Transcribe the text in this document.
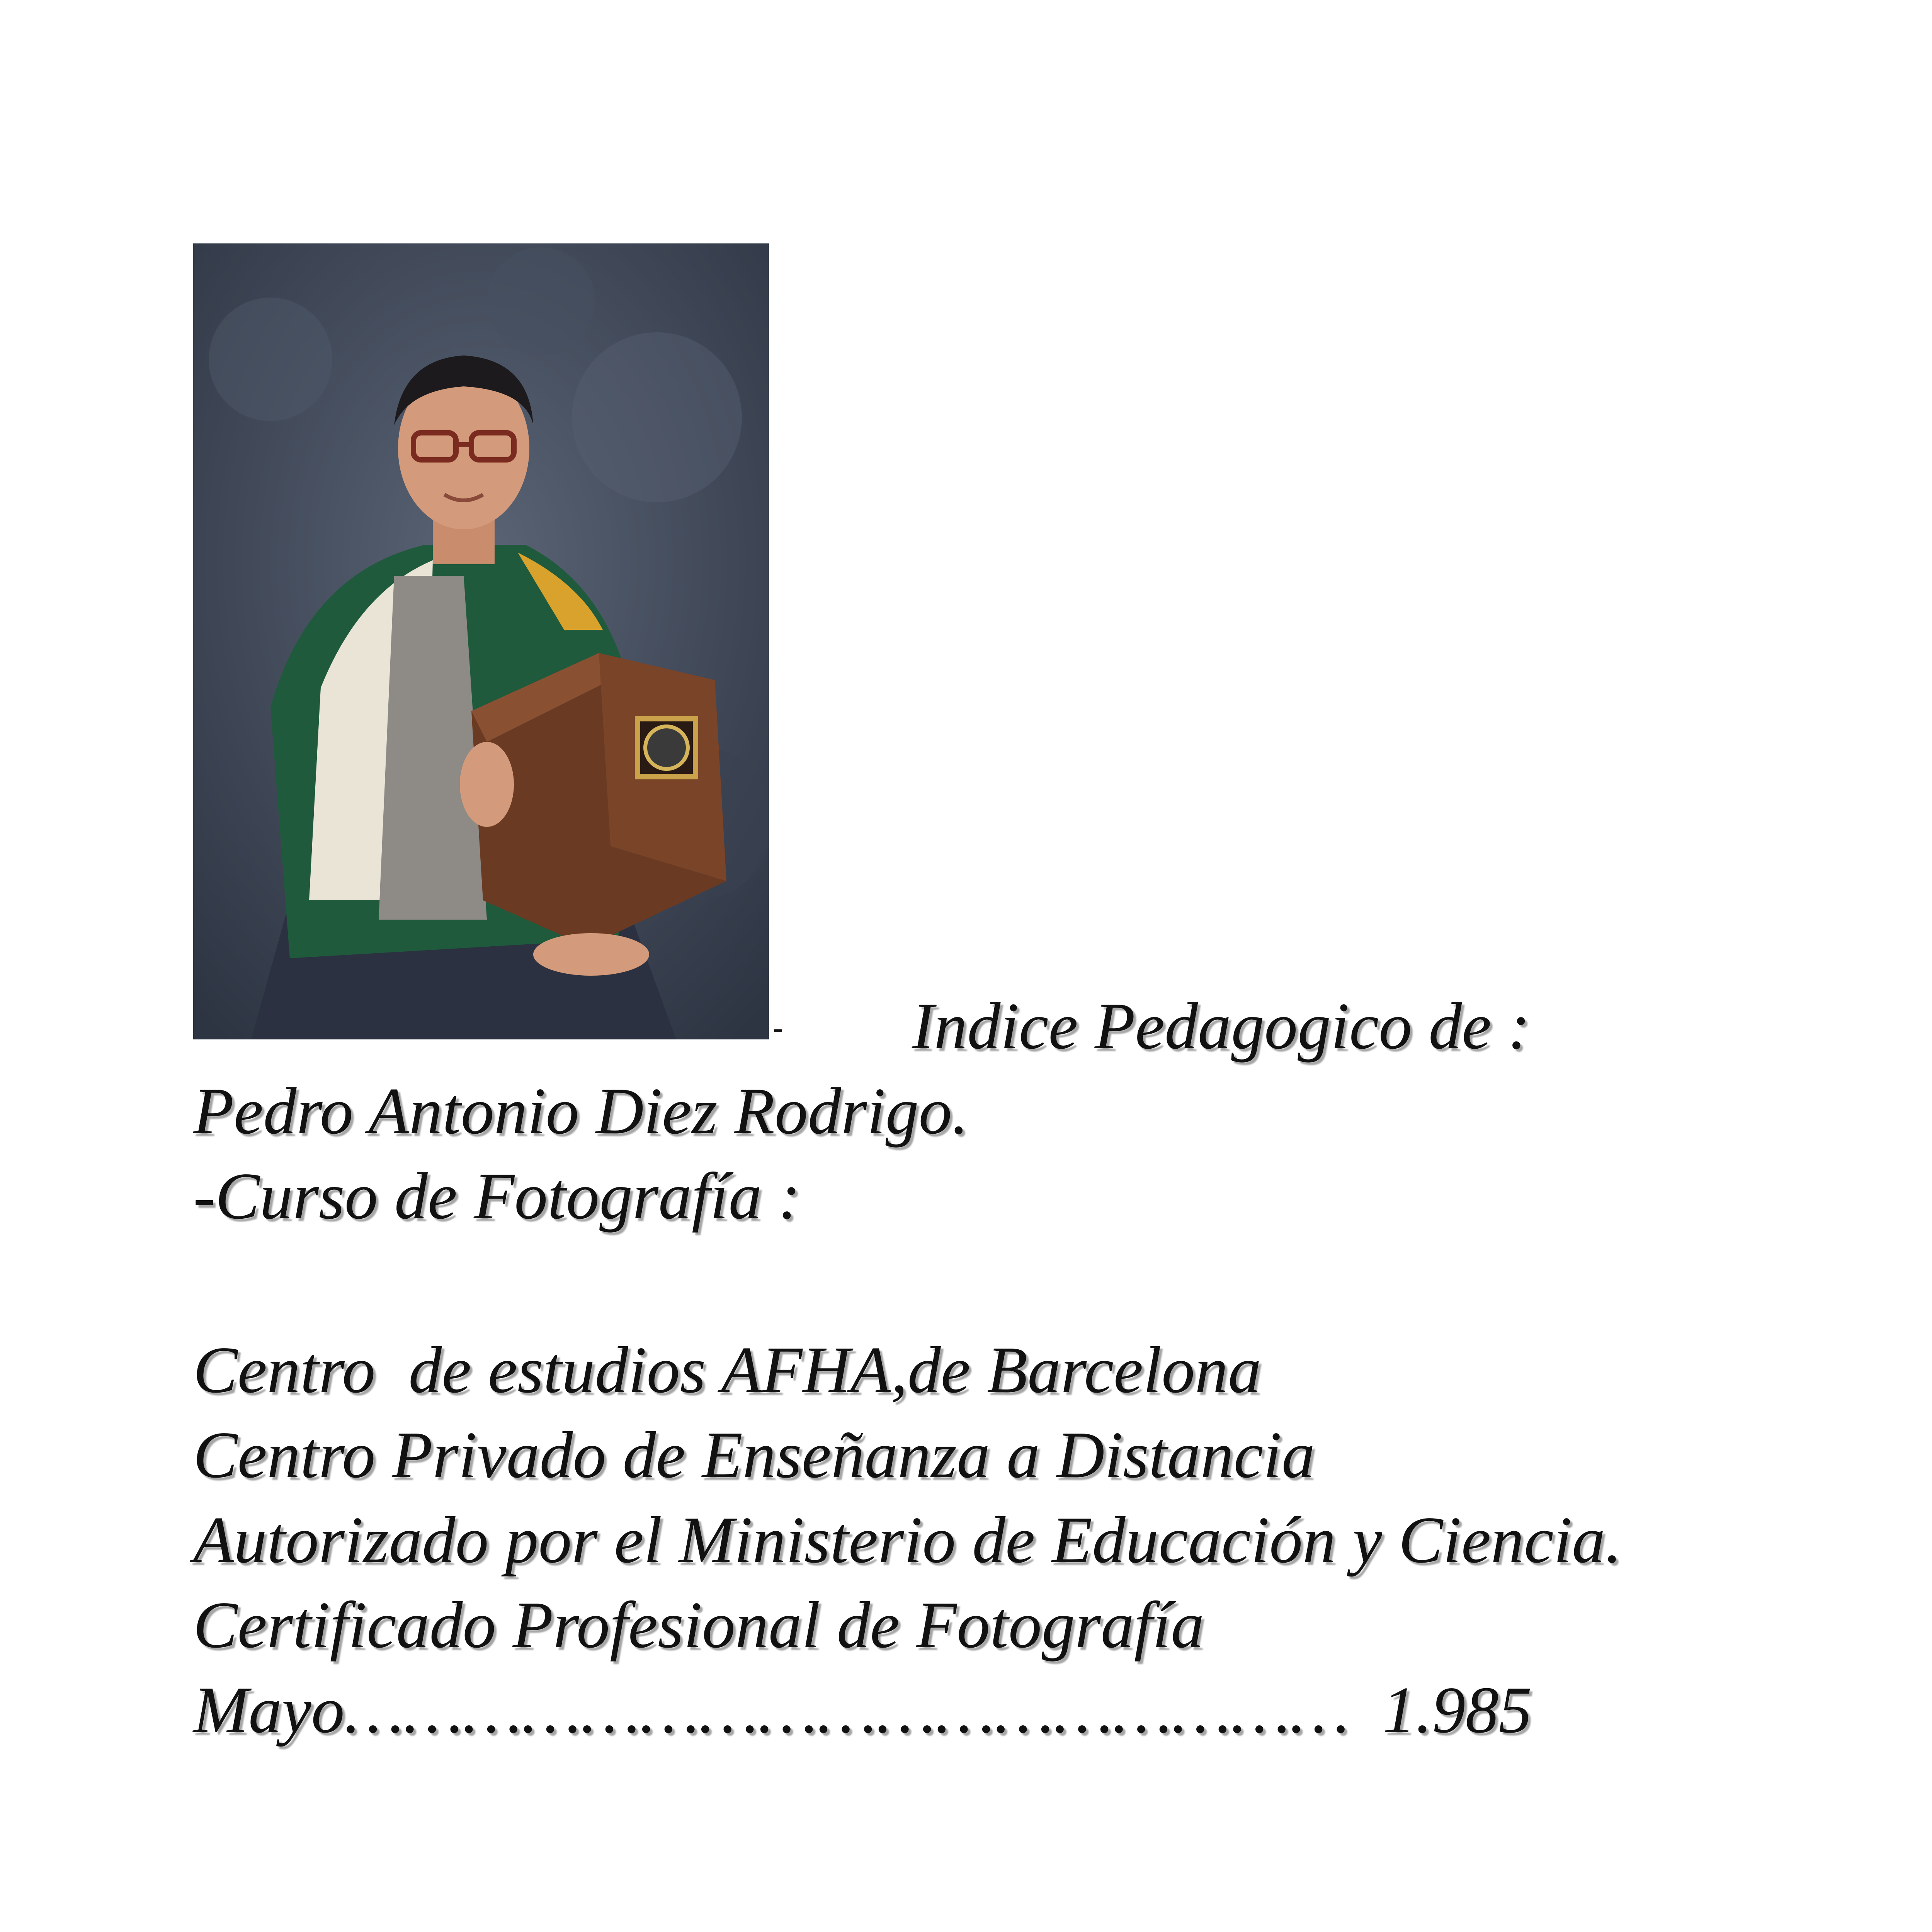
- Indice Pedagogico de :
Pedro Antonio Diez Rodrigo.
-Curso de Fotografía :
Centro  de estudios AFHA,de Barcelona
Centro Privado de Enseñanza a Distancia
Autorizado por el Ministerio de Educación y Ciencia.
Certificado Profesional de Fotografía
Mayo……………………………………………  1.985
